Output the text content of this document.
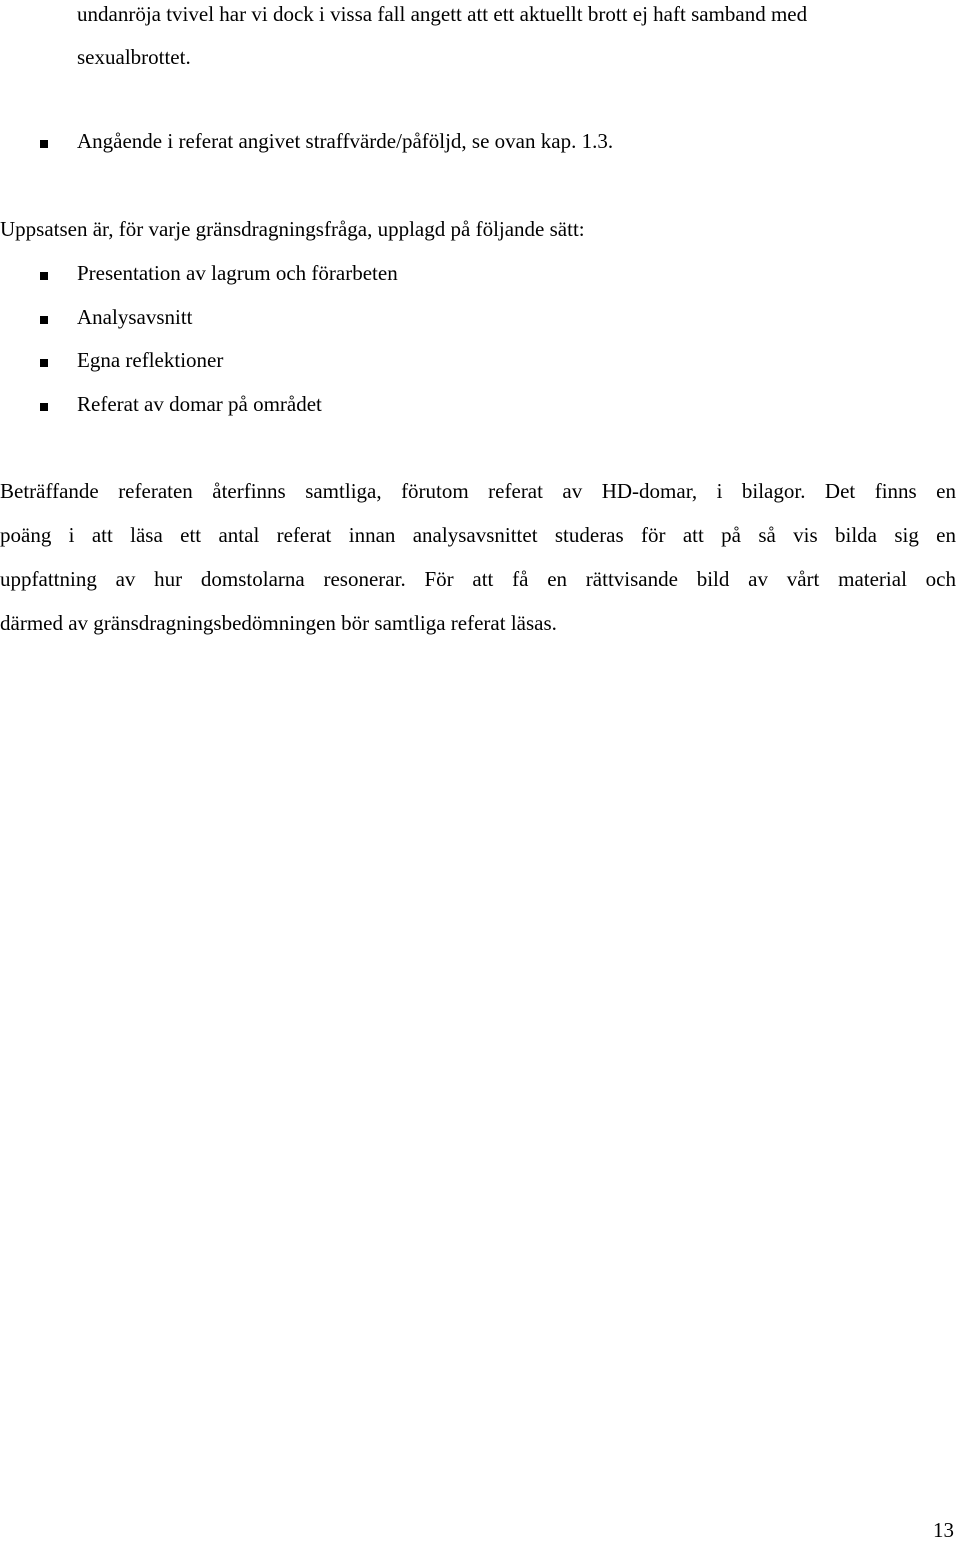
undanröja tvivel har vi dock i vissa fall angett att ett aktuellt brott ej haft samband med
sexualbrottet.
Angående i referat angivet straffvärde/påföljd, se ovan kap. 1.3.
Uppsatsen är, för varje gränsdragningsfråga, upplagd på följande sätt:
Presentation av lagrum och förarbeten
Analysavsnitt
Egna reflektioner
Referat av domar på området
Beträffande referaten återfinns samtliga, förutom referat av HD-domar, i bilagor. Det finns en
poäng i att läsa ett antal referat innan analysavsnittet studeras för att på så vis bilda sig en
uppfattning av hur domstolarna resonerar. För att få en rättvisande bild av vårt material och
därmed av gränsdragningsbedömningen bör samtliga referat läsas.
13
